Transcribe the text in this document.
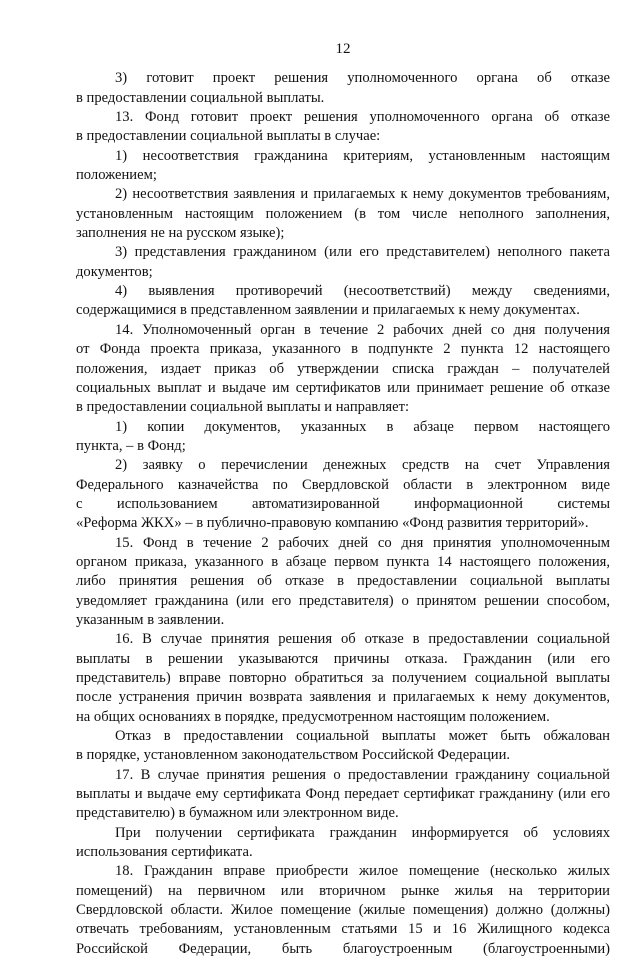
12
3) готовит проект решения уполномоченного органа об отказе
в предоставлении социальной выплаты.
13. Фонд готовит проект решения уполномоченного органа об отказе
в предоставлении социальной выплаты в случае:
1) несоответствия гражданина критериям, установленным настоящим
положением;
2) несоответствия заявления и прилагаемых к нему документов требованиям,
установленным настоящим положением (в том числе неполного заполнения,
заполнения не на русском языке);
3) представления гражданином (или его представителем) неполного пакета
документов;
4) выявления противоречий (несоответствий) между сведениями,
содержащимися в представленном заявлении и прилагаемых к нему документах.
14. Уполномоченный орган в течение 2 рабочих дней со дня получения
от Фонда проекта приказа, указанного в подпункте 2 пункта 12 настоящего
положения, издает приказ об утверждении списка граждан – получателей
социальных выплат и выдаче им сертификатов или принимает решение об отказе
в предоставлении социальной выплаты и направляет:
1) копии документов, указанных в абзаце первом настоящего
пункта, – в Фонд;
2) заявку о перечислении денежных средств на счет Управления
Федерального казначейства по Свердловской области в электронном виде
с использованием автоматизированной информационной системы
«Реформа ЖКХ» – в публично-правовую компанию «Фонд развития территорий».
15. Фонд в течение 2 рабочих дней со дня принятия уполномоченным
органом приказа, указанного в абзаце первом пункта 14 настоящего положения,
либо принятия решения об отказе в предоставлении социальной выплаты
уведомляет гражданина (или его представителя) о принятом решении способом,
указанным в заявлении.
16. В случае принятия решения об отказе в предоставлении социальной
выплаты в решении указываются причины отказа. Гражданин (или его
представитель) вправе повторно обратиться за получением социальной выплаты
после устранения причин возврата заявления и прилагаемых к нему документов,
на общих основаниях в порядке, предусмотренном настоящим положением.
Отказ в предоставлении социальной выплаты может быть обжалован
в порядке, установленном законодательством Российской Федерации.
17. В случае принятия решения о предоставлении гражданину социальной
выплаты и выдаче ему сертификата Фонд передает сертификат гражданину (или его
представителю) в бумажном или электронном виде.
При получении сертификата гражданин информируется об условиях
использования сертификата.
18. Гражданин вправе приобрести жилое помещение (несколько жилых
помещений) на первичном или вторичном рынке жилья на территории
Свердловской области. Жилое помещение (жилые помещения) должно (должны)
отвечать требованиям, установленным статьями 15 и 16 Жилищного кодекса
Российской Федерации, быть благоустроенным (благоустроенными)
